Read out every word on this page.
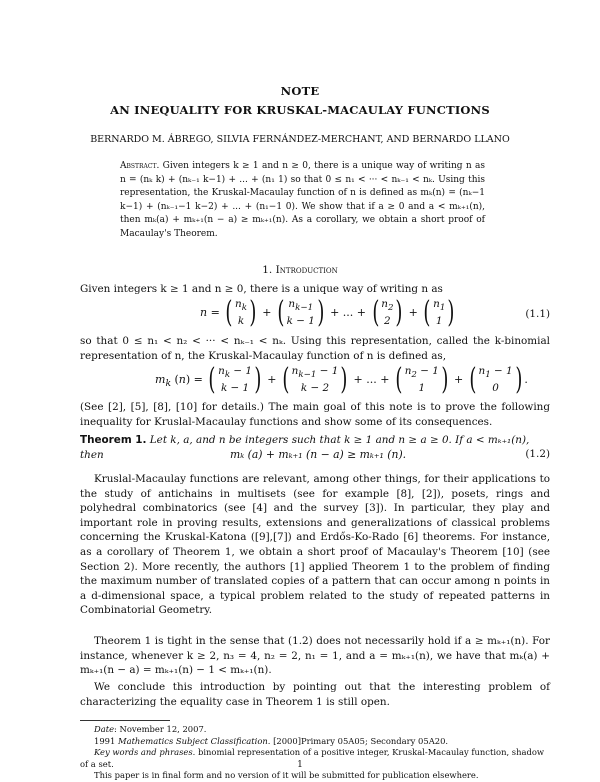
NOTE
AN INEQUALITY FOR KRUSKAL-MACAULAY FUNCTIONS
BERNARDO M. ÁBREGO, SILVIA FERNÁNDEZ-MERCHANT, AND BERNARDO LLANO
Abstract. Given integers k ≥ 1 and n ≥ 0, there is a unique way of writing n as n = (nₖ k) + (nₖ₋₁ k−1) + ... + (n₁ 1) so that 0 ≤ n₁ < ··· < nₖ₋₁ < nₖ. Using this representation, the Kruskal-Macaulay function of n is defined as mₖ(n) = (nₖ−1 k−1) + (nₖ₋₁−1 k−2) + ... + (n₁−1 0). We show that if a ≥ 0 and a < mₖ₊₁(n), then mₖ(a) + mₖ₊₁(n − a) ≥ mₖ₊₁(n). As a corollary, we obtain a short proof of Macaulay's Theorem.
1. Introduction
Given integers k ≥ 1 and n ≥ 0, there is a unique way of writing n as
n = ( $n_k$
k ) + ( $n_{k-1}$
k − 1 ) + ... + ( $n_2$
2 ) + ( $n_1$
1 )	(1.1)
so that 0 ≤ n₁ < n₂ < ··· < nₖ₋₁ < nₖ. Using this representation, called the k-binomial representation of n, the Kruskal-Macaulay function of n is defined as,
$m_k$ (n) = ( $n_k - 1$
k − 1 ) + ( $n_{k-1} - 1$
k − 2 ) + ... + ( $n_2 - 1$
1 ) + ( $n_1 - 1$
0 ) .
(See [2], [5], [8], [10] for details.) The main goal of this note is to prove the following inequality for Kruslal-Macaulay functions and show some of its consequences.
Theorem 1. Let k, a, and n be integers such that k ≥ 1 and n ≥ a ≥ 0. If a < mₖ₊₁(n), then	mₖ (a) + mₖ₊₁ (n − a) ≥ mₖ₊₁ (n).	(1.2)
Kruslal-Macaulay functions are relevant, among other things, for their applications to the study of antichains in multisets (see for example [8], [2]), posets, rings and polyhedral combinatorics (see [4] and the survey [3]). In particular, they play and important role in proving results, extensions and generalizations of classical problems concerning the Kruskal-Katona ([9],[7]) and Erdős-Ko-Rado [6] theorems. For instance, as a corollary of Theorem 1, we obtain a short proof of Macaulay's Theorem [10] (see Section 2). More recently, the authors [1] applied Theorem 1 to the problem of finding the maximum number of translated copies of a pattern that can occur among n points in a d-dimensional space, a typical problem related to the study of repeated patterns in Combinatorial Geometry.
Theorem 1 is tight in the sense that (1.2) does not necessarily hold if a ≥ mₖ₊₁(n). For instance, whenever k ≥ 2, n₃ = 4, n₂ = 2, n₁ = 1, and a = mₖ₊₁(n), we have that mₖ(a) + mₖ₊₁(n − a) = mₖ₊₁(n) − 1 < mₖ₊₁(n).
We conclude this introduction by pointing out that the interesting problem of characterizing the equality case in Theorem 1 is still open.
Date: November 12, 2007.
1991 Mathematics Subject Classification. [2000]Primary 05A05; Secondary 05A20.
Key words and phrases. binomial representation of a positive integer, Kruskal-Macaulay function, shadow of a set.
This paper is in final form and no version of it will be submitted for publication elsewhere.
1
